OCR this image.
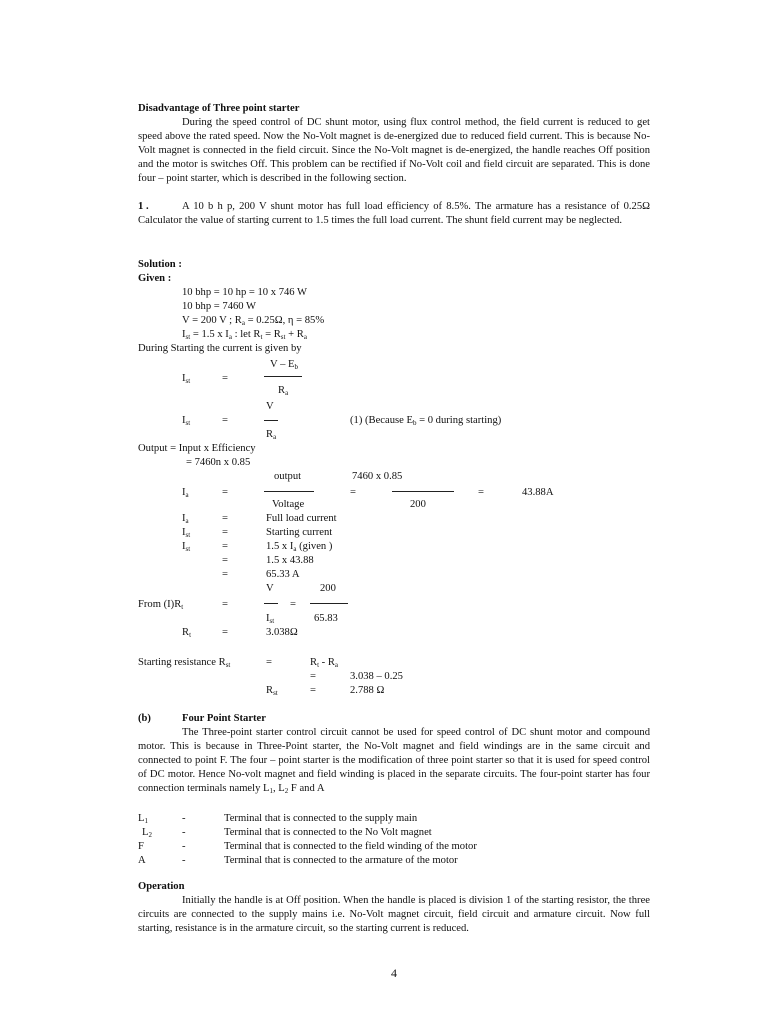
Disadvantage of Three point starter
During the speed control of DC shunt motor, using flux control method, the field current is reduced to get speed above the rated speed. Now the No-Volt magnet is de-energized due to reduced field current. This is because No-Volt magnet is connected in the field circuit. Since the No-Volt magnet is de-energized, the handle reaches Off position and the motor is switches Off. This problem can be rectified if No-Volt coil and field circuit are separated. This is done four – point starter, which is described in the following section.
1 .	A 10 b h p, 200 V shunt motor has full load efficiency of 8.5%. The armature has a resistance of 0.25Ω Calculator the value of starting current to 1.5 times the full load current. The shunt field current may be neglected.
Solution :
Given :
10 bhp = 10 hp = 10 x 746 W
10 bhp = 7460 W
V = 200 V ; $R_a = 0.25\Omega$, η = 85%
$I_{st} = 1.5$ x $I_a$ : let $R_t = R_{st} + R_a$
During Starting the current is given by
$I_{st}$	=
V – $E_b$
$R_a$
V
$I_{st}$	=	(1) (Because $E_b = 0$ during starting)
$R_a$
Output = Input x Efficiency
= 7460n x 0.85
output	7460 x 0.85
$I_a$	=	=	=	43.88A
Voltage	200
$I_a$	=	Full load current
$I_{st}$	=	Starting current
$I_{st}$	=	1.5 x $I_a$ (given )
=	1.5 x 43.88
=	65.33 A
V	200
From $(I)R_t$	=	=
$I_{st}$	65.83
$R_t$	=	3.038Ω
Starting resistance $R_{st}$	=	$R_t - R_a$
=	3.038 – 0.25
$R_{st}$	=	2.788 Ω
(b)	Four Point Starter
The Three-point starter control circuit cannot be used for speed control of DC shunt motor and compound motor. This is because in Three-Point starter, the No-Volt magnet and field windings are in the same circuit and connected to point F. The four – point starter is the modification of three point starter so that it is used for speed control of DC motor. Hence No-volt magnet and field winding is placed in the separate circuits. The four-point starter has four connection terminals namely $L_1$, $L_2$ F and A
$L_1$	-	Terminal that is connected to the supply main
$L_2$	-	Terminal that is connected to the No Volt magnet
F	-	Terminal that is connected to the field winding of the motor
A	-	Terminal that is connected to the armature of the motor
Operation
Initially the handle is at Off position. When the handle is placed is division 1 of the starting resistor, the three circuits are connected to the supply mains i.e. No-Volt magnet circuit, field circuit and armature circuit. Now full starting, resistance is in the armature circuit, so the starting current is reduced.
4
